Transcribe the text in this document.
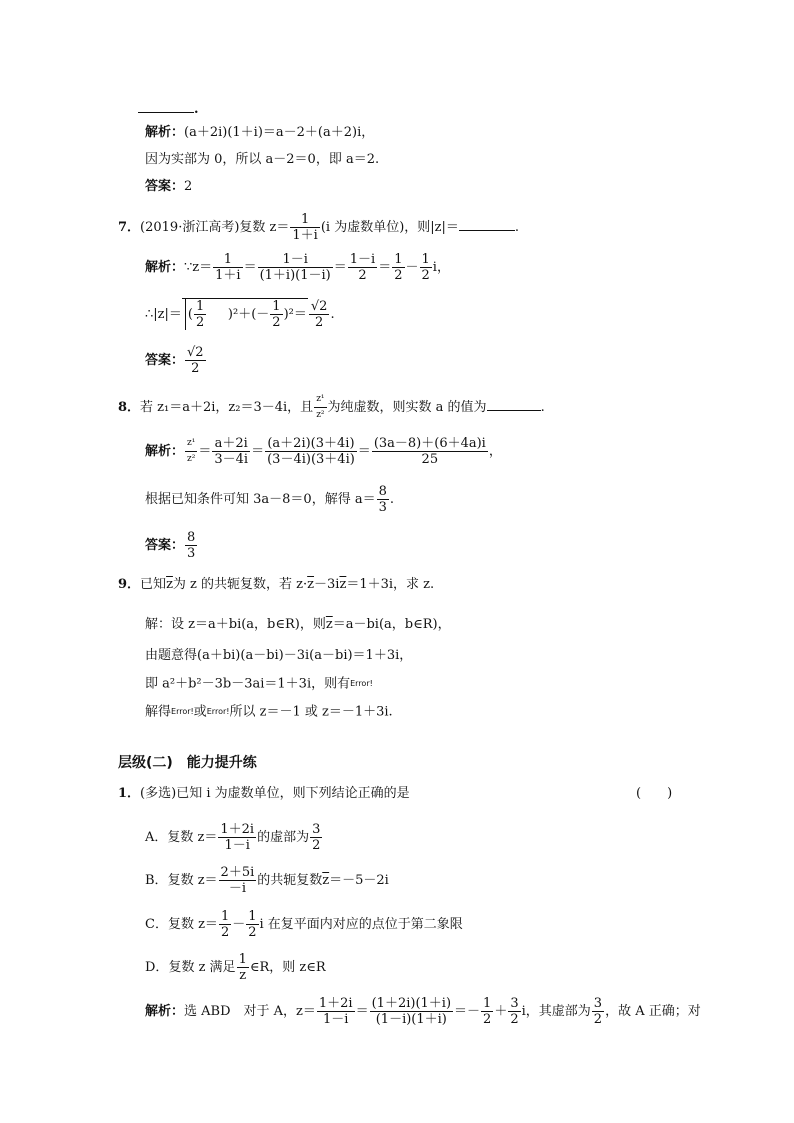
.
解析：(a＋2i)(1＋i)＝a－2＋(a＋2)i，
因为实部为 0，所以 a－2＝0，即 a＝2.
答案：2
7．(2019·浙江高考)复数 $z= \frac{1}{1+i} (i$ 为虚数单位)，则|z|＝	.
解析：∵z＝ $\frac{1}{1+i} = \frac{1-i}{(1+i)(1-i)} = \frac{1-i}{2} = \frac{1}{2} - \frac{1}{2}$ i，
∴|z|＝ ( $\frac{1}{2} )^2+(- \frac{1}{2} )^2= \frac{√2}{2}$ .
答案： $\frac{√2}{2}$
8．若 z₁＝a＋2i，z₂＝3－4i，且 $\frac{\text{z¹}}{\text{z²}}$ 为纯虚数，则实数 a 的值为	.
解析： $\frac{\text{z¹}}{\text{z²}} = \frac{a+2i}{3-4i} = \frac{(a+2i)(3+4i)}{(3-4i)(3+4i)} = \frac{(3a-8)+(6+4a)i}{25}$ ，
根据已知条件可知 3a－8＝0，解得 $a= \frac{8}{3}$ .
答案： $\frac{8}{3}$
9．已知$\overline{z}$为 z 的共轭复数，若 $z\cdot\overline{z}-3i\overline{z}=1+3i$，求 z.
解：设 z＝a＋bi(a，b∈R)，则$\overline{z}=a-bi(a$，b∈R)，
由题意得(a＋bi)(a－bi)－3i(a－bi)＝1＋3i，
即 a²＋b²－3b－3ai＝1＋3i，则有Error!
解得Error!或Error!所以 z＝－1 或 z＝－1＋3i.
层级(二)　能力提升练
1．(多选)已知 i 为虚数单位，则下列结论正确的是	(　　)
A．复数 $z= \frac{1+2i}{1-i}$ 的虚部为 $\frac{3}{2}$
B．复数 $z= \frac{2+5i}{-i}$ 的共轭复数$\overline{z}=-5-2i$
C．复数 $z= \frac{1}{2} - \frac{1}{2}$ i 在复平面内对应的点位于第二象限
D．复数 z 满足 $\frac{1}{z}$ ∈R，则 z∈R
解析：选 ABD　对于 A，$z= \frac{1+2i}{1-i} = \frac{(1+2i)(1+i)}{(1-i)(1+i)} =- \frac{1}{2} + \frac{3}{2}$ i，其虚部为 $\frac{3}{2}$ ，故 A 正确；对
